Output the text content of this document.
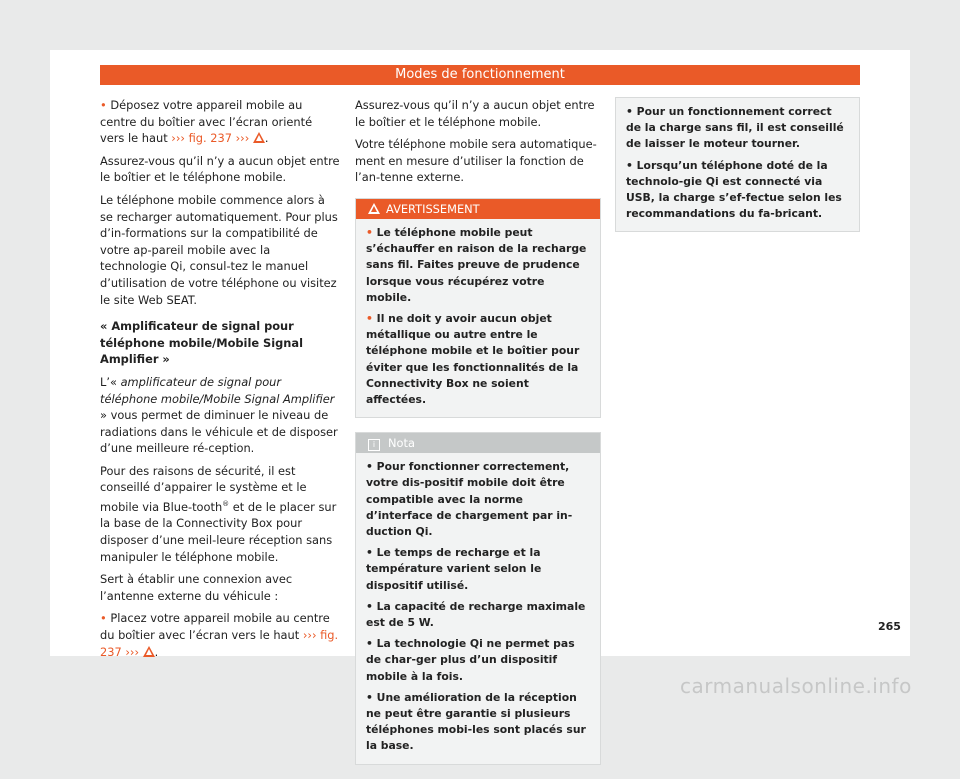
Modes de fonctionnement

• Déposez votre appareil mobile au centre du boîtier avec l’écran orienté vers le haut ››› fig. 237 ››› .

Assurez-vous qu’il n’y a aucun objet entre le boîtier et le téléphone mobile.

Le téléphone mobile commence alors à se recharger automatiquement. Pour plus d’in-formations sur la compatibilité de votre ap-pareil mobile avec la technologie Qi, consul-tez le manuel d’utilisation de votre téléphone ou visitez le site Web SEAT.

« Amplificateur de signal pour téléphone mobile/Mobile Signal Amplifier »

L’« amplificateur de signal pour téléphone mobile/Mobile Signal Amplifier » vous permet de diminuer le niveau de radiations dans le véhicule et de disposer d’une meilleure ré-ception.

Pour des raisons de sécurité, il est conseillé d’appairer le système et le mobile via Blue-tooth® et de le placer sur la base de la Connectivity Box pour disposer d’une meil-leure réception sans manipuler le téléphone mobile.

Sert à établir une connexion avec l’antenne externe du véhicule :

• Placez votre appareil mobile au centre du boîtier avec l’écran vers le haut ››› fig. 237 ››› .

Assurez-vous qu’il n’y a aucun objet entre le boîtier et le téléphone mobile.

Votre téléphone mobile sera automatique-ment en mesure d’utiliser la fonction de l’an-tenne externe.

AVERTISSEMENT

• Le téléphone mobile peut s’échauffer en raison de la recharge sans fil. Faites preuve de prudence lorsque vous récupérez votre mobile.

• Il ne doit y avoir aucun objet métallique ou autre entre le téléphone mobile et le boîtier pour éviter que les fonctionnalités de la Connectivity Box ne soient affectées.

i Nota

• Pour fonctionner correctement, votre dis-positif mobile doit être compatible avec la norme d’interface de chargement par in-duction Qi.

• Le temps de recharge et la température varient selon le dispositif utilisé.

• La capacité de recharge maximale est de 5 W.

• La technologie Qi ne permet pas de char-ger plus d’un dispositif mobile à la fois.

• Une amélioration de la réception ne peut être garantie si plusieurs téléphones mobi-les sont placés sur la base.

• Pour un fonctionnement correct de la charge sans fil, il est conseillé de laisser le moteur tourner.

• Lorsqu’un téléphone doté de la technolo-gie Qi est connecté via USB, la charge s’ef-fectue selon les recommandations du fa-bricant.

265
carmanualsonline.info
